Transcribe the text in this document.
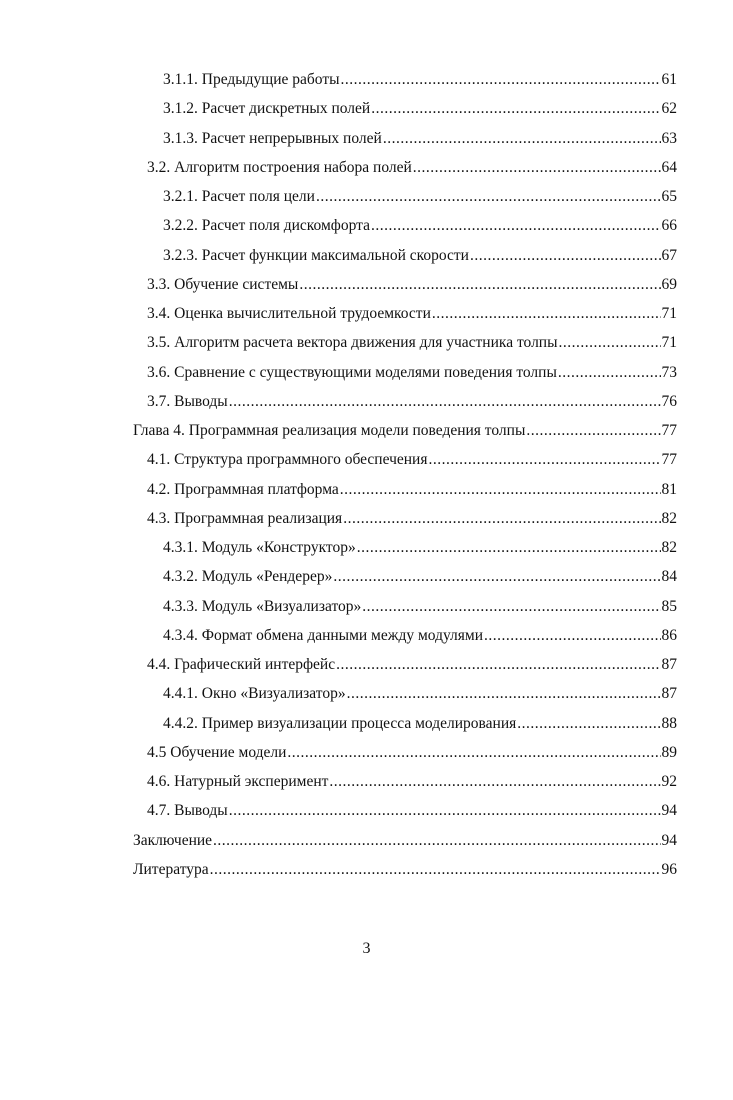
3.1.1. Предыдущие работы .....	61
3.1.2. Расчет дискретных полей .....	62
3.1.3. Расчет непрерывных полей .....	63
3.2. Алгоритм построения набора полей .....	64
3.2.1. Расчет поля цели .....	65
3.2.2. Расчет поля дискомфорта .....	66
3.2.3. Расчет функции максимальной скорости .....	67
3.3. Обучение системы .....	69
3.4. Оценка вычислительной трудоемкости .....	71
3.5. Алгоритм расчета вектора движения для участника толпы .....	71
3.6. Сравнение с существующими моделями поведения толпы .....	73
3.7. Выводы .....	76
Глава 4. Программная реализация модели поведения толпы .....	77
4.1. Структура программного обеспечения .....	77
4.2. Программная платформа .....	81
4.3. Программная реализация .....	82
4.3.1. Модуль «Конструктор» .....	82
4.3.2. Модуль «Рендерер» .....	84
4.3.3. Модуль «Визуализатор» .....	85
4.3.4. Формат обмена данными между модулями .....	86
4.4. Графический интерфейс .....	87
4.4.1. Окно «Визуализатор» .....	87
4.4.2. Пример визуализации процесса моделирования .....	88
4.5 Обучение модели .....	89
4.6. Натурный эксперимент .....	92
4.7. Выводы .....	94
Заключение .....	94
Литература .....	96
3
